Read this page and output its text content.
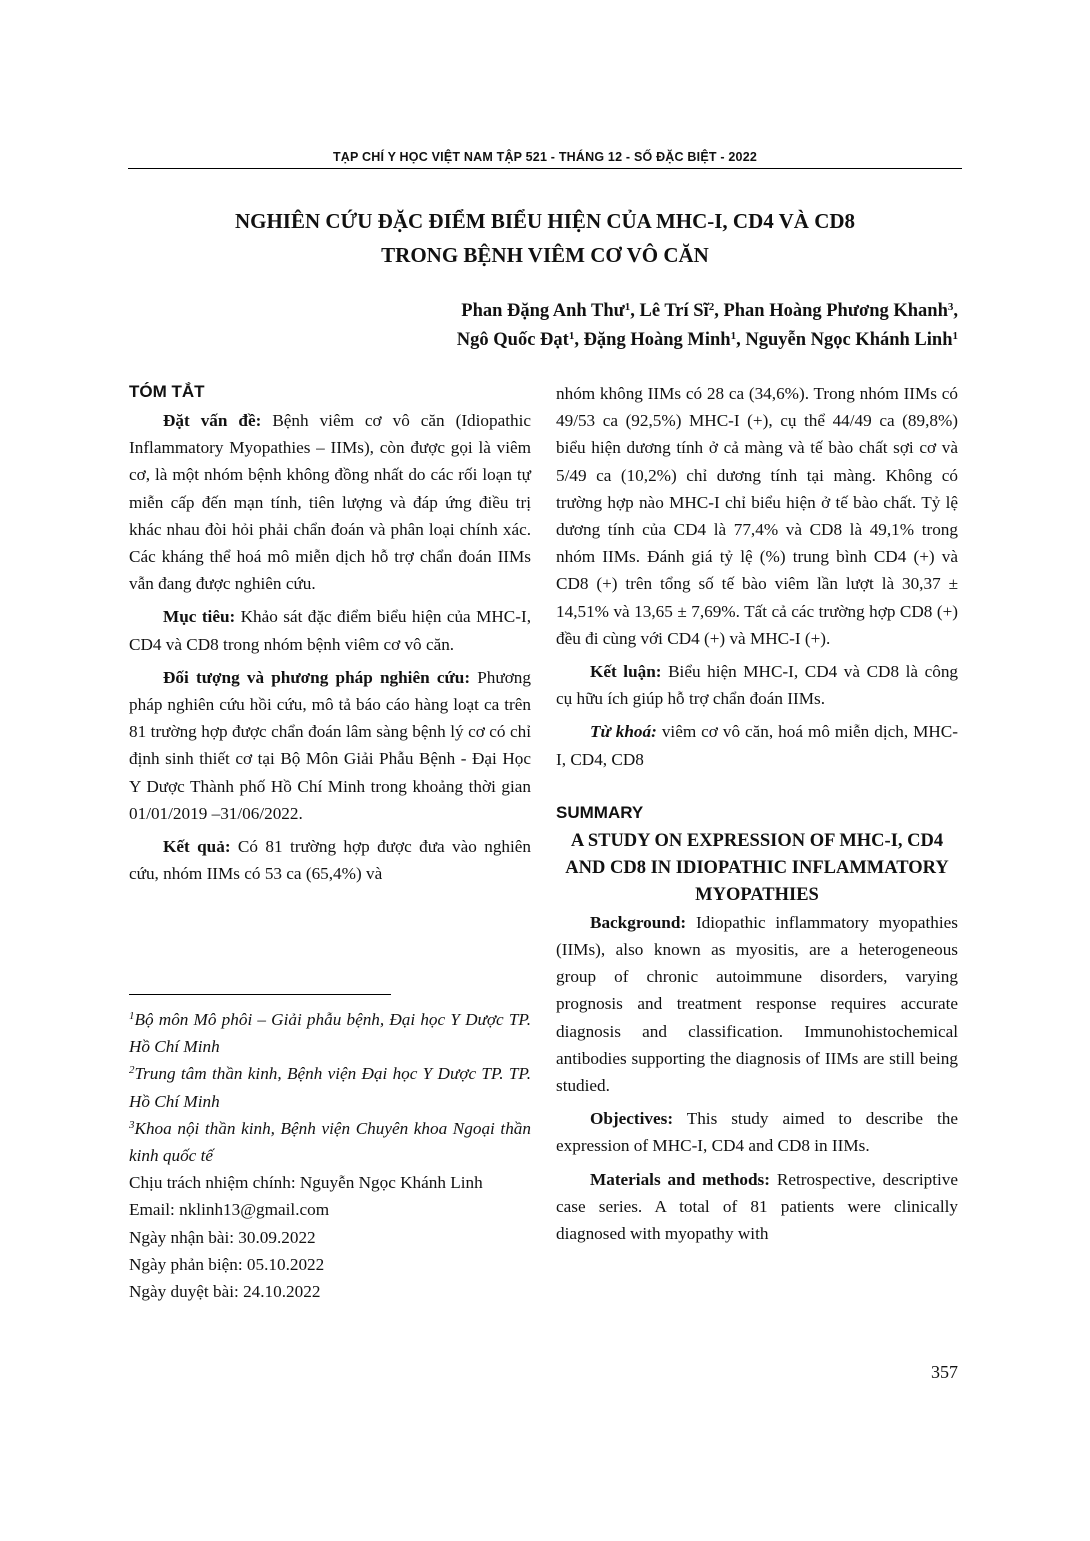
TẠP CHÍ Y HỌC VIỆT NAM TẬP 521 - THÁNG 12 - SỐ ĐẶC BIỆT - 2022
NGHIÊN CỨU ĐẶC ĐIỂM BIỂU HIỆN CỦA MHC-I, CD4 VÀ CD8
TRONG BỆNH VIÊM CƠ VÔ CĂN
Phan Đặng Anh Thư$^1$, Lê Trí $Sĩ^2$, Phan Hoàng Phương Khanh$^3$,
Ngô Quốc Đạt$^1$, Đặng Hoàng Minh$^1$, Nguyễn Ngọc Khánh Linh$^1$
TÓM TẮT

Đặt vấn đề: Bệnh viêm cơ vô căn (Idiopathic Inflammatory Myopathies – IIMs), còn được gọi là viêm cơ, là một nhóm bệnh không đồng nhất do các rối loạn tự miễn cấp đến mạn tính, tiên lượng và đáp ứng điều trị khác nhau đòi hỏi phải chẩn đoán và phân loại chính xác. Các kháng thể hoá mô miễn dịch hỗ trợ chẩn đoán IIMs vẫn đang được nghiên cứu.

Mục tiêu: Khảo sát đặc điểm biểu hiện của MHC-I, CD4 và CD8 trong nhóm bệnh viêm cơ vô căn.

Đối tượng và phương pháp nghiên cứu: Phương pháp nghiên cứu hồi cứu, mô tả báo cáo hàng loạt ca trên 81 trường hợp được chẩn đoán lâm sàng bệnh lý cơ có chỉ định sinh thiết cơ tại Bộ Môn Giải Phẫu Bệnh - Đại Học Y Dược Thành phố Hồ Chí Minh trong khoảng thời gian 01/01/2019 –31/06/2022.

Kết quả: Có 81 trường hợp được đưa vào nghiên cứu, nhóm IIMs có 53 ca (65,4%) và

$^1$Bộ môn Mô phôi – Giải phẫu bệnh, Đại học Y Dược TP. Hồ Chí Minh

$^2$Trung tâm thần kinh, Bệnh viện Đại học Y Dược TP. TP. Hồ Chí Minh

$^3$Khoa nội thần kinh, Bệnh viện Chuyên khoa Ngoại thần kinh quốc tế

Chịu trách nhiệm chính: Nguyễn Ngọc Khánh Linh

Email: nklinh13@gmail.com

Ngày nhận bài: 30.09.2022

Ngày phản biện: 05.10.2022

Ngày duyệt bài: 24.10.2022

nhóm không IIMs có 28 ca (34,6%). Trong nhóm IIMs có 49/53 ca (92,5%) MHC-I (+), cụ thể 44/49 ca (89,8%) biểu hiện dương tính ở cả màng và tế bào chất sợi cơ và 5/49 ca (10,2%) chỉ dương tính tại màng. Không có trường hợp nào MHC-I chỉ biểu hiện ở tế bào chất. Tỷ lệ dương tính của CD4 là 77,4% và CD8 là 49,1% trong nhóm IIMs. Đánh giá tỷ lệ (%) trung bình CD4 (+) và CD8 (+) trên tổng số tế bào viêm lần lượt là 30,37 ± 14,51% và 13,65 ± 7,69%. Tất cả các trường hợp CD8 (+) đều đi cùng với CD4 (+) và MHC-I (+).

Kết luận: Biểu hiện MHC-I, CD4 và CD8 là công cụ hữu ích giúp hỗ trợ chẩn đoán IIMs.

Từ khoá: viêm cơ vô căn, hoá mô miễn dịch, MHC-I, CD4, CD8

SUMMARY
A STUDY ON EXPRESSION OF MHC-I, CD4 AND CD8 IN IDIOPATHIC INFLAMMATORY MYOPATHIES

Background: Idiopathic inflammatory myopathies (IIMs), also known as myositis, are a heterogeneous group of chronic autoimmune disorders, varying prognosis and treatment response requires accurate diagnosis and classification. Immunohistochemical antibodies supporting the diagnosis of IIMs are still being studied.

Objectives: This study aimed to describe the expression of MHC-I, CD4 and CD8 in IIMs.

Materials and methods: Retrospective, descriptive case series. A total of 81 patients were clinically diagnosed with myopathy with

357
